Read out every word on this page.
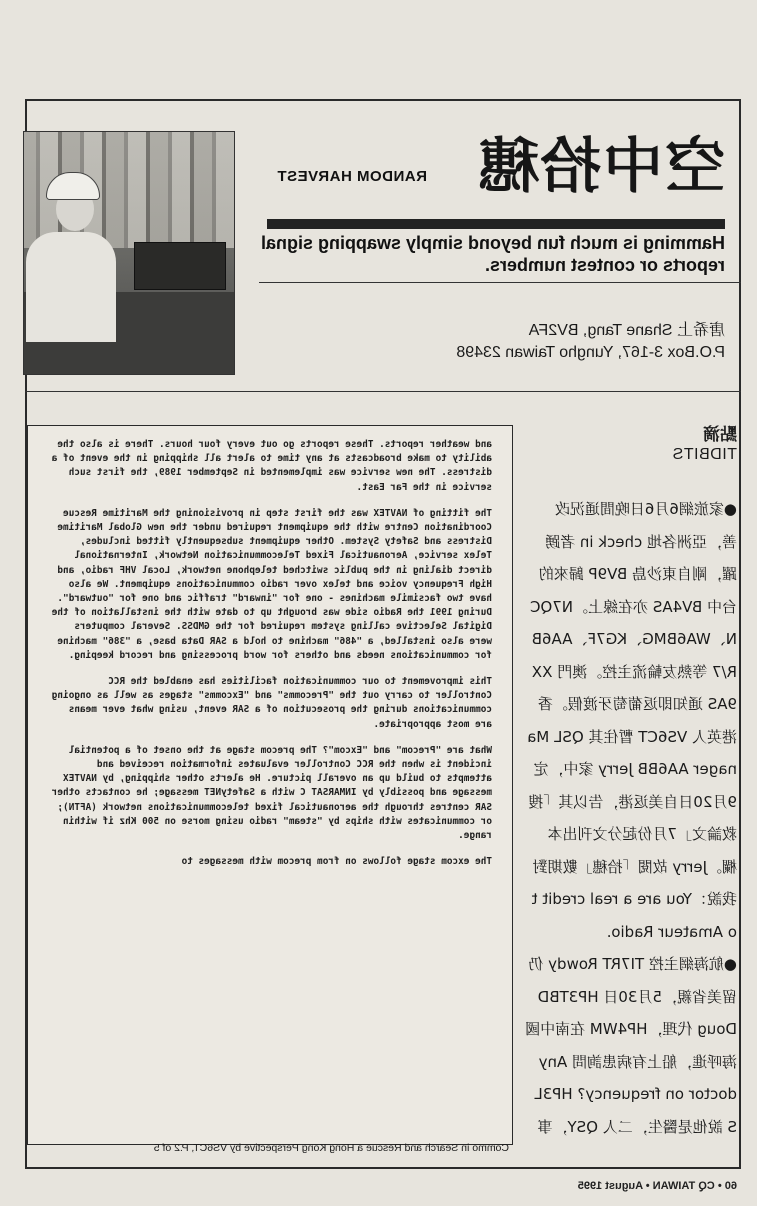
空中拾穗
RANDOM HARVEST
Hamming is much fun beyond simply swapping signal reports or contest numbers.
唐希上 Shane Tang, BV2FA
P.O.Box 3-167, Yungho Taiwan 23498
點滴
TIDBITS

●家旅網6月6日晚間通況改善，亞洲各地 check in 者踴躍，剛自東沙島 BV9P 歸來的台中 BV4AS 亦在線上。N7QCN、WA6BMG、KG7F、AA6BR/7 等熱友輪流主控。澳門 XX9AS 通知即返葡萄牙渡假。香港英人 VS6CT 暫住其 QSL Manager AA6BB Jerry 家中，定9月20日自美返港，告以其「搜救論文」7月份起分文刊出本欄。Jerry 故閱「拾穗」數期對我說：You are a real credit to Amateur Radio.

●航海網主控 TI7RT Rowdy 仍留美省親，5月30日 HP3TBD Doug 代理，HP4WM 在南中國海呼進，船上有病患詢問 Any doctor on frequency? HP3LS 說他是醫生，二人 QSY，事

and weather reports. These reports go out every four hours. There is also the ability to make broadcasts at any time to alert all shipping in the event of a distress. The new service was implemented in September 1989, the first such service in the Far East.

The fitting of NAVTEX was the first step in provisioning the Maritime Rescue Coordination Centre with the equipment required under the new Global Maritime Distress and Safety System. Other equipment subsequently fitted includes, Telex service, Aeronautical Fixed Telecommunication Network, International direct dialing in the public switched telephone network, Local VHF radio, and High Frequency voice and telex over radio communications equipment. We also have two facsimile machines - one for "inward" traffic and one for "outward". During 1991 the Radio side was brought up to date with the installation of the Digital Selective calling system required for the GMDSS. Several computers were also installed, a "486" machine to hold a SAR Data base, a "386" machine for communications needs and others for word processing and record keeping.

This improvement to our communication facilities has enabled the RCC Controller to carry out the "Precomms" and "Excomms" stages as well as ongoing communications during the prosecution of a SAR event, using what ever means are most appropriate.

What are "Precom" and "Excom"? The precom stage at the onset of a potential incident is when the RCC Controller evaluates information received and attempts to build up an overall picture. He alerts other shipping, by NAVTEX message and possibly by INMARSAT C with a SafetyNET message; he contacts other SAR centres through the aeronautical fixed telecommunications network (AFTN); or communicates with ships by "steam" radio using morse on 500 Khz if within range.

The excom stage follows on from precom with messages to

Commo in Search and Rescue a Hong Kong Perspective by VS6CT, P.2 of 5
60 • CQ TAIWAN • August 1995
